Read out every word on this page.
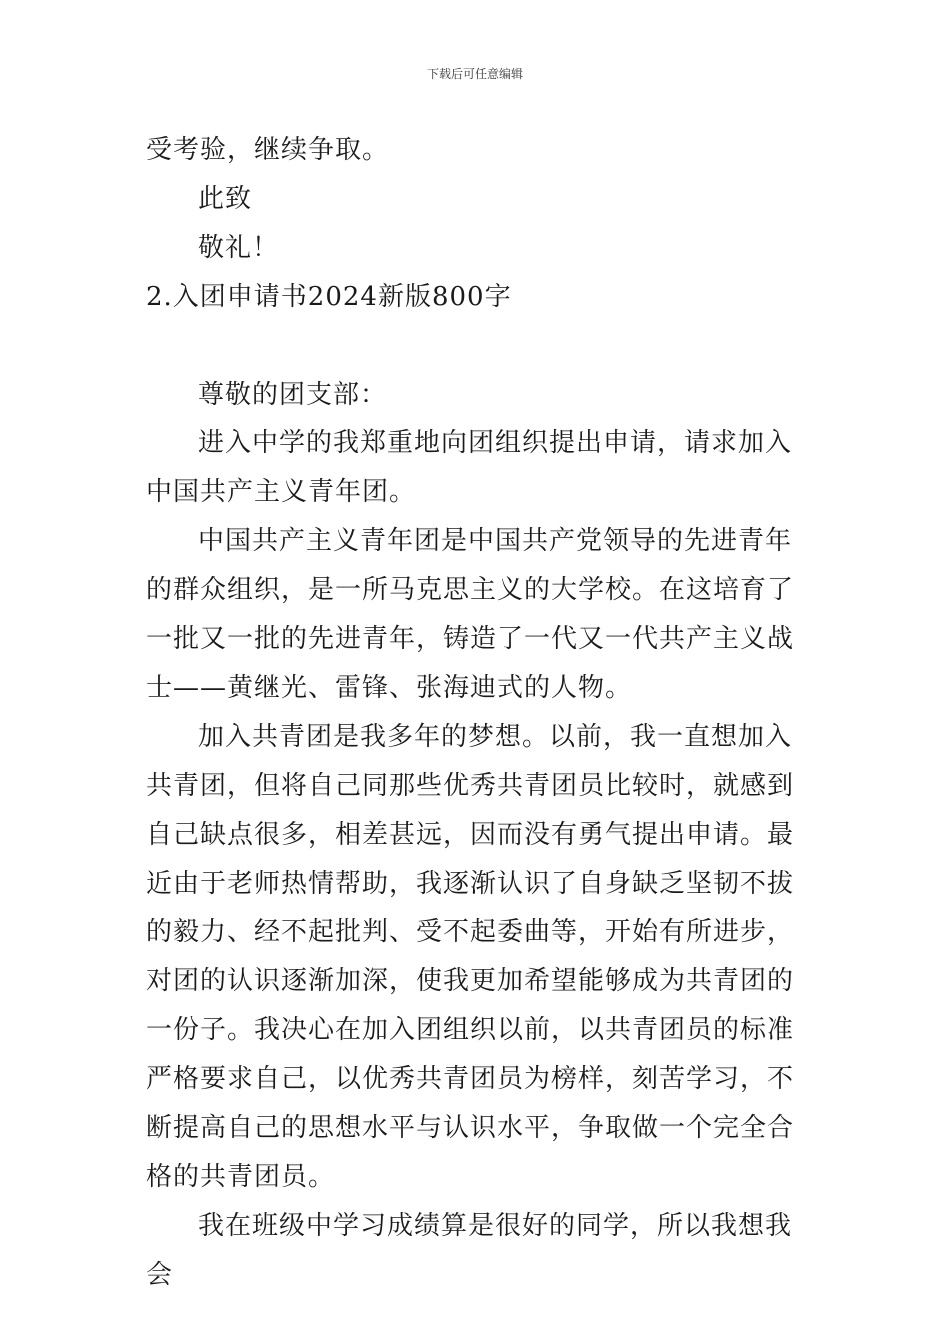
下载后可任意编辑

受考验，继续争取。

此致

敬礼！

2.入团申请书2024新版800字

尊敬的团支部：

进入中学的我郑重地向团组织提出申请，请求加入中国共产主义青年团。

中国共产主义青年团是中国共产党领导的先进青年的群众组织，是一所马克思主义的大学校。在这培育了一批又一批的先进青年，铸造了一代又一代共产主义战士——黄继光、雷锋、张海迪式的人物。

加入共青团是我多年的梦想。以前，我一直想加入共青团，但将自己同那些优秀共青团员比较时，就感到自己缺点很多，相差甚远，因而没有勇气提出申请。最近由于老师热情帮助，我逐渐认识了自身缺乏坚韧不拔的毅力、经不起批判、受不起委曲等，开始有所进步，对团的认识逐渐加深，使我更加希望能够成为共青团的一份子。我决心在加入团组织以前，以共青团员的标准严格要求自己，以优秀共青团员为榜样，刻苦学习，不断提高自己的思想水平与认识水平，争取做一个完全合格的共青团员。

我在班级中学习成绩算是很好的同学，所以我想我会
